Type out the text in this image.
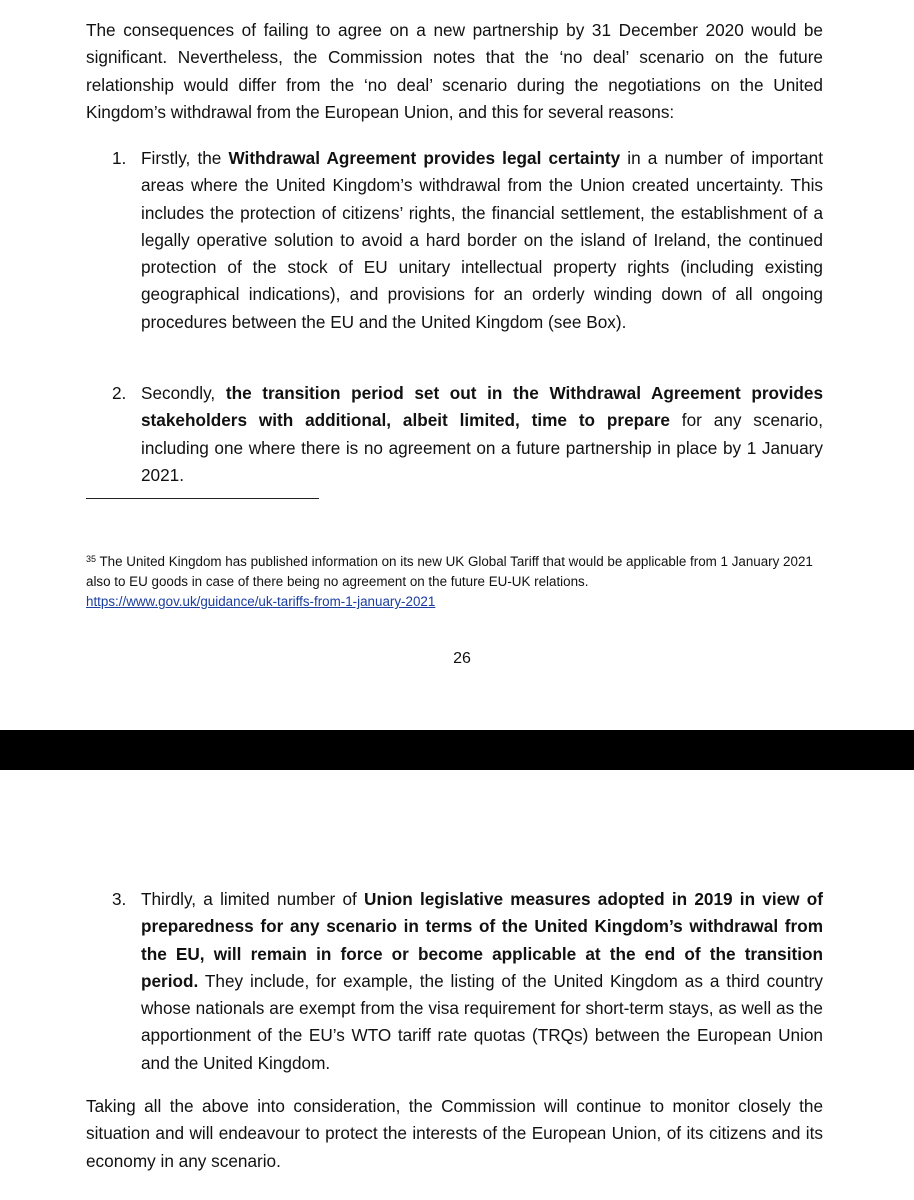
The consequences of failing to agree on a new partnership by 31 December 2020 would be significant. Nevertheless, the Commission notes that the ‘no deal’ scenario on the future relationship would differ from the ‘no deal’ scenario during the negotiations on the United Kingdom’s withdrawal from the European Union, and this for several reasons:

1. Firstly, the Withdrawal Agreement provides legal certainty in a number of important areas where the United Kingdom’s withdrawal from the Union created uncertainty. This includes the protection of citizens’ rights, the financial settlement, the establishment of a legally operative solution to avoid a hard border on the island of Ireland, the continued protection of the stock of EU unitary intellectual property rights (including existing geographical indications), and provisions for an orderly winding down of all ongoing procedures between the EU and the United Kingdom (see Box).
2. Secondly, the transition period set out in the Withdrawal Agreement provides stakeholders with additional, albeit limited, time to prepare for any scenario, including one where there is no agreement on a future partnership in place by 1 January 2021.

$^{35}$ The United Kingdom has published information on its new UK Global Tariff that would be applicable from 1 January 2021 also to EU goods in case of there being no agreement on the future EU-UK relations.
https://www.gov.uk/guidance/uk-tariffs-from-1-january-2021

26
3. Thirdly, a limited number of Union legislative measures adopted in 2019 in view of preparedness for any scenario in terms of the United Kingdom’s withdrawal from the EU, will remain in force or become applicable at the end of the transition period. They include, for example, the listing of the United Kingdom as a third country whose nationals are exempt from the visa requirement for short-term stays, as well as the apportionment of the EU’s WTO tariff rate quotas (TRQs) between the European Union and the United Kingdom.

Taking all the above into consideration, the Commission will continue to monitor closely the situation and will endeavour to protect the interests of the European Union, of its citizens and its economy in any scenario.
